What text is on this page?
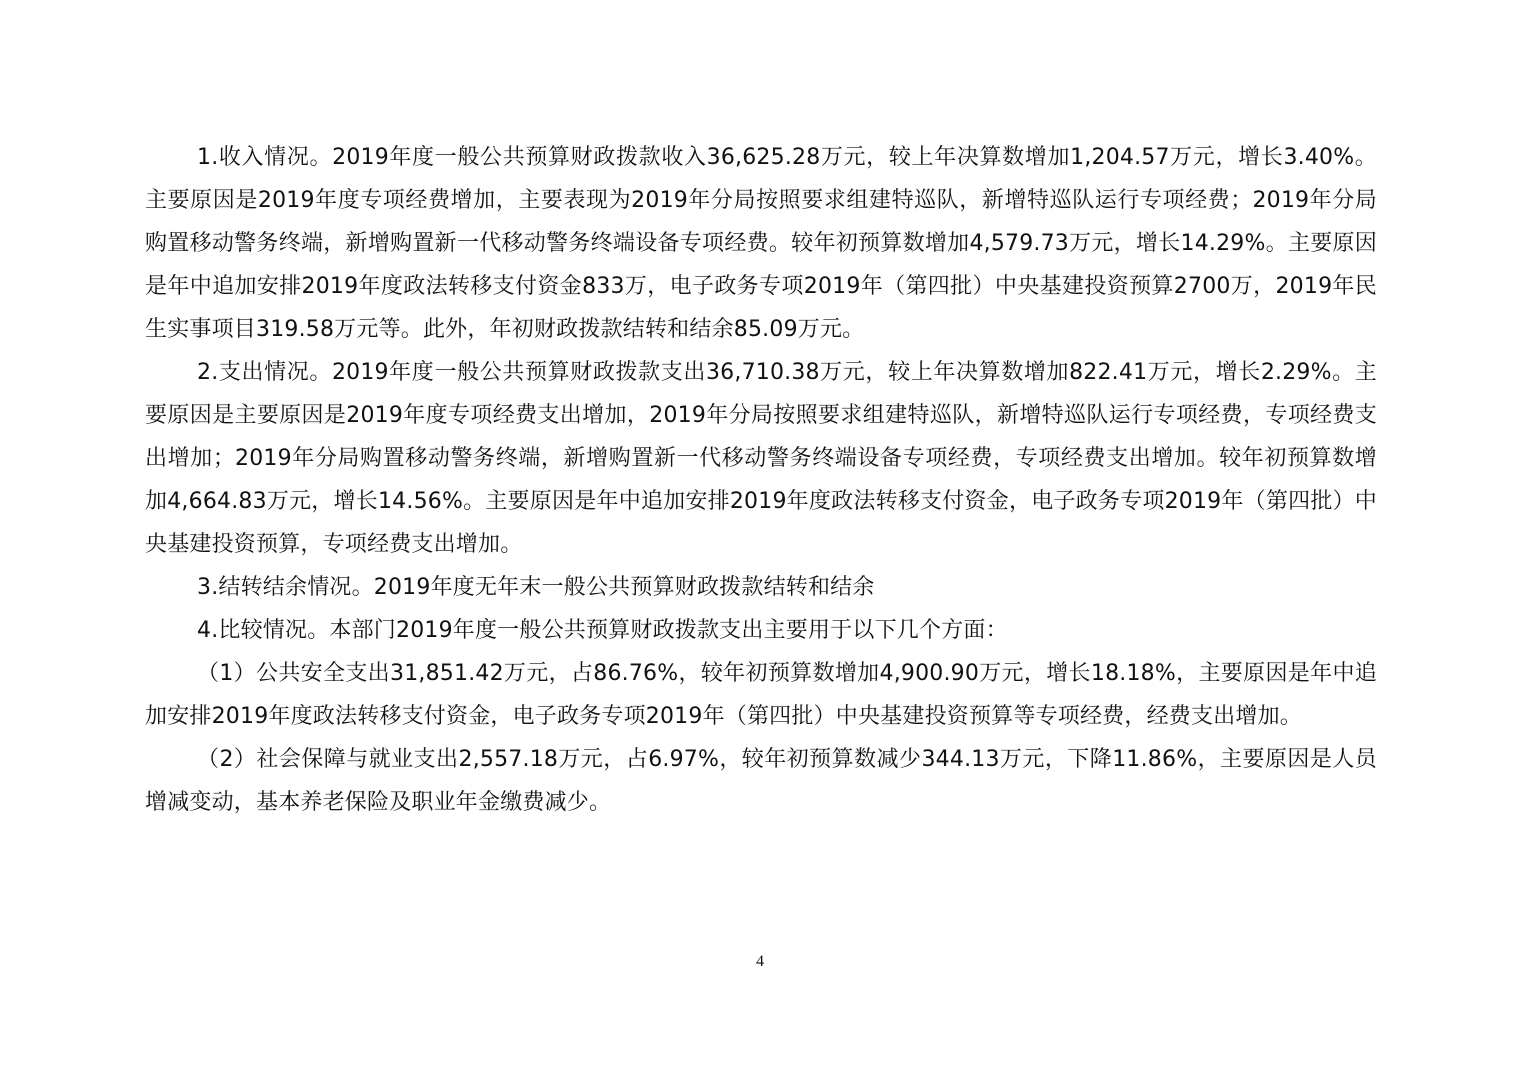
1.收入情况。2019年度一般公共预算财政拨款收入36,625.28万元，较上年决算数增加1,204.57万元，增长3.40%。主要原因是2019年度专项经费增加，主要表现为2019年分局按照要求组建特巡队，新增特巡队运行专项经费；2019年分局购置移动警务终端，新增购置新一代移动警务终端设备专项经费。较年初预算数增加4,579.73万元，增长14.29%。主要原因是年中追加安排2019年度政法转移支付资金833万，电子政务专项2019年（第四批）中央基建投资预算2700万，2019年民生实事项目319.58万元等。此外，年初财政拨款结转和结余85.09万元。

2.支出情况。2019年度一般公共预算财政拨款支出36,710.38万元，较上年决算数增加822.41万元，增长2.29%。主要原因是主要原因是2019年度专项经费支出增加，2019年分局按照要求组建特巡队，新增特巡队运行专项经费，专项经费支出增加；2019年分局购置移动警务终端，新增购置新一代移动警务终端设备专项经费，专项经费支出增加。较年初预算数增加4,664.83万元，增长14.56%。主要原因是年中追加安排2019年度政法转移支付资金，电子政务专项2019年（第四批）中央基建投资预算，专项经费支出增加。

3.结转结余情况。2019年度无年末一般公共预算财政拨款结转和结余

4.比较情况。本部门2019年度一般公共预算财政拨款支出主要用于以下几个方面：

（1）公共安全支出31,851.42万元，占86.76%，较年初预算数增加4,900.90万元，增长18.18%，主要原因是年中追加安排2019年度政法转移支付资金，电子政务专项2019年（第四批）中央基建投资预算等专项经费，经费支出增加。

（2）社会保障与就业支出2,557.18万元，占6.97%，较年初预算数减少344.13万元，下降11.86%，主要原因是人员增减变动，基本养老保险及职业年金缴费减少。

4
